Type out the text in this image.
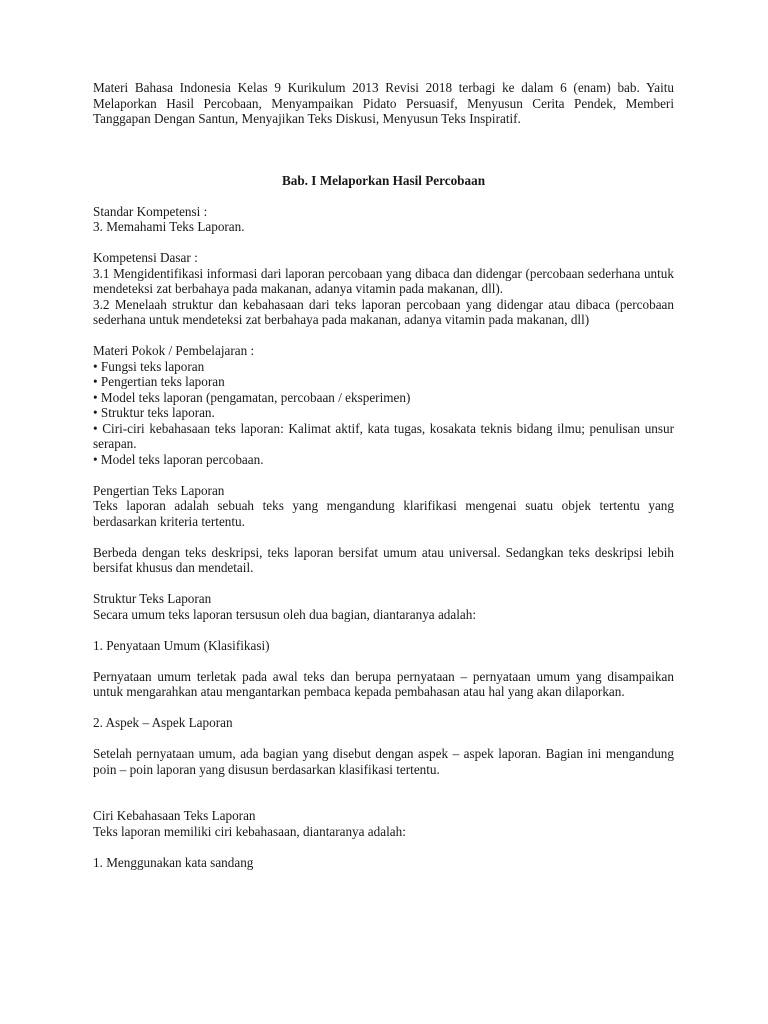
Materi Bahasa Indonesia Kelas 9 Kurikulum 2013 Revisi 2018 terbagi ke dalam 6 (enam) bab. Yaitu Melaporkan Hasil Percobaan, Menyampaikan Pidato Persuasif, Menyusun Cerita Pendek, Memberi Tanggapan Dengan Santun, Menyajikan Teks Diskusi, Menyusun Teks Inspiratif.

Bab. I Melaporkan Hasil Percobaan

Standar Kompetensi :

3. Memahami Teks Laporan.

Kompetensi Dasar :

3.1 Mengidentifikasi informasi dari laporan percobaan yang dibaca dan didengar (percobaan sederhana untuk mendeteksi zat berbahaya pada makanan, adanya vitamin pada makanan, dll).

3.2 Menelaah struktur dan kebahasaan dari teks laporan percobaan yang didengar atau dibaca (percobaan sederhana untuk mendeteksi zat berbahaya pada makanan, adanya vitamin pada makanan, dll)

Materi Pokok / Pembelajaran :

• Fungsi teks laporan
• Pengertian teks laporan
• Model teks laporan (pengamatan, percobaan / eksperimen)
• Struktur teks laporan.
• Ciri-ciri kebahasaan teks laporan: Kalimat aktif, kata tugas, kosakata teknis bidang ilmu; penulisan unsur serapan.
• Model teks laporan percobaan.

Pengertian Teks Laporan

Teks laporan adalah sebuah teks yang mengandung klarifikasi mengenai suatu objek tertentu yang berdasarkan kriteria tertentu.

Berbeda dengan teks deskripsi, teks laporan bersifat umum atau universal. Sedangkan teks deskripsi lebih bersifat khusus dan mendetail.

Struktur Teks Laporan

Secara umum teks laporan tersusun oleh dua bagian, diantaranya adalah:

1. Penyataan Umum (Klasifikasi)

Pernyataan umum terletak pada awal teks dan berupa pernyataan – pernyataan umum yang disampaikan untuk mengarahkan atau mengantarkan pembaca kepada pembahasan atau hal yang akan dilaporkan.

2. Aspek – Aspek Laporan

Setelah pernyataan umum, ada bagian yang disebut dengan aspek – aspek laporan. Bagian ini mengandung poin – poin laporan yang disusun berdasarkan klasifikasi tertentu.

Ciri Kebahasaan Teks Laporan

Teks laporan memiliki ciri kebahasaan, diantaranya adalah:

1. Menggunakan kata sandang
